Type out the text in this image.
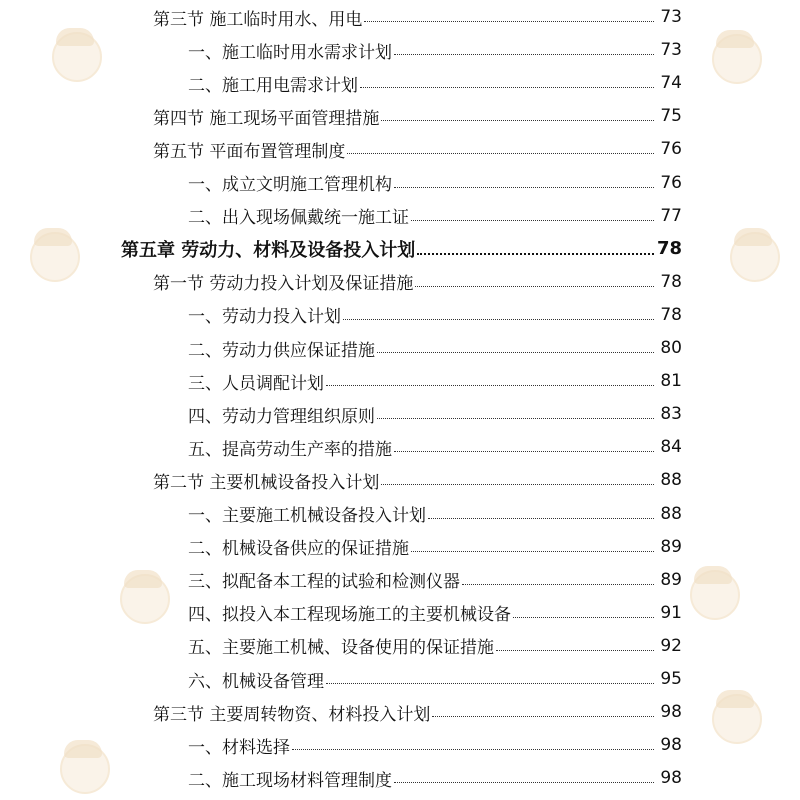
第三节 施工临时用水、用电	73
一、施工临时用水需求计划	73
二、施工用电需求计划	74
第四节 施工现场平面管理措施	75
第五节 平面布置管理制度	76
一、成立文明施工管理机构	76
二、出入现场佩戴统一施工证	77
第五章 劳动力、材料及设备投入计划	78
第一节 劳动力投入计划及保证措施	78
一、劳动力投入计划	78
二、劳动力供应保证措施	80
三、人员调配计划	81
四、劳动力管理组织原则	83
五、提高劳动生产率的措施	84
第二节 主要机械设备投入计划	88
一、主要施工机械设备投入计划	88
二、机械设备供应的保证措施	89
三、拟配备本工程的试验和检测仪器	89
四、拟投入本工程现场施工的主要机械设备	91
五、主要施工机械、设备使用的保证措施	92
六、机械设备管理	95
第三节 主要周转物资、材料投入计划	98
一、材料选择	98
二、施工现场材料管理制度	98
